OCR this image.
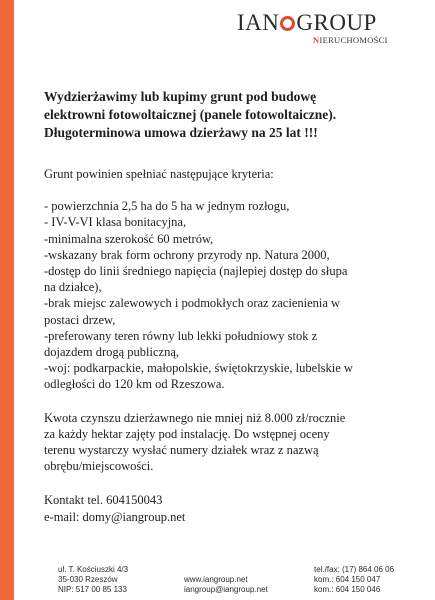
IAN GROUP
NIERUCHOMOŚCI
Wydzierżawimy lub kupimy grunt pod budowę
elektrowni fotowoltaicznej (panele fotowoltaiczne).
Długoterminowa umowa dzierżawy na 25 lat !!!
Grunt powinien spełniać następujące kryteria:
- powierzchnia 2,5 ha do 5 ha w jednym rozłogu,
- IV-V-VI klasa bonitacyjna,
-minimalna szerokość 60 metrów,
-wskazany brak form ochrony przyrody np. Natura 2000,
-dostęp do linii średniego napięcia (najlepiej dostęp do słupa
na działce),
-brak miejsc zalewowych i podmokłych oraz zacienienia w
postaci drzew,
-preferowany teren równy lub lekki południowy stok z
dojazdem drogą publiczną,
-woj: podkarpackie, małopolskie, świętokrzyskie, lubelskie w
odległości do 120 km od Rzeszowa.
Kwota czynszu dzierżawnego nie mniej niż 8.000 zł/rocznie
za każdy hektar zajęty pod instalację. Do wstępnej oceny
terenu wystarczy wysłać numery działek wraz z nazwą
obrębu/miejscowości.
Kontakt tel. 604150043
e-mail: domy@iangroup.net
ul. T. Kościuszki 4/3
35-030 Rzeszów
NIP: 517 00 85 133
www.iangroup.net
iangroup@iangroup.net
tel./fax: (17) 864 06 06
kom.: 604 150 047
kom.: 604 150 046
